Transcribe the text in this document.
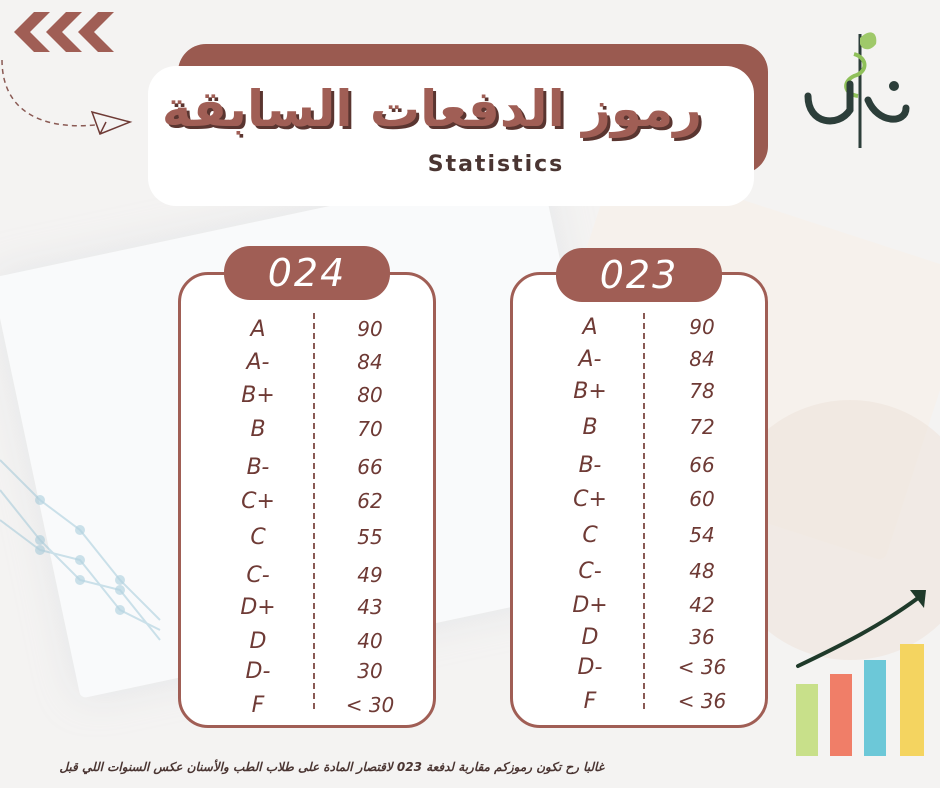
رموز الدفعات السابقة
Statistics
A	90
A-	84
B+	80
B	70
B-	66
C+	62
C	55
C-	49
D+	43
D	40
D-	30
F	< 30
024
A	90
A-	84
B+	78
B	72
B-	66
C+	60
C	54
C-	48
D+	42
D	36
D-	< 36
F	< 36
023
غالبا رح تكون رموزكم مقاربة لدفعة 023 لاقتصار المادة على طلاب الطب والأسنان عكس السنوات اللي قبل
